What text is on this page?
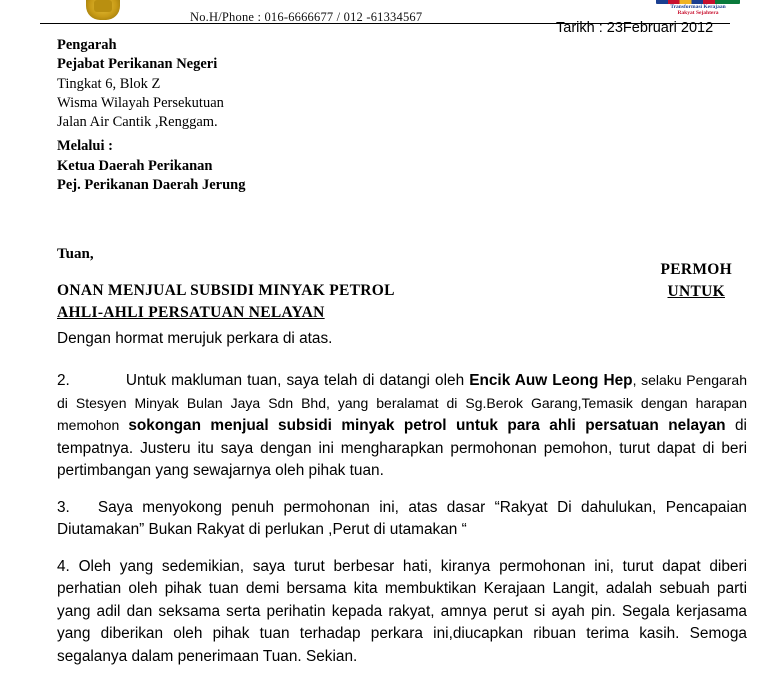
No.H/Phone : 016-6666677 / 012 -61334567
Transformasi Kerajaan
Rakyat Sejahtera
Tarikh : 23Februari 2012
Pengarah
Pejabat Perikanan Negeri
Tingkat 6, Blok Z
Wisma Wilayah Persekutuan
Jalan Air Cantik ,Renggam.
Melalui :
Ketua Daerah Perikanan
Pej. Perikanan Daerah Jerung
Tuan,
ONAN MENJUAL SUBSIDI MINYAK PETROL
AHLI-AHLI PERSATUAN NELAYAN
PERMOH
UNTUK

Dengan hormat merujuk perkara di atas.

2.	Untuk makluman tuan, saya telah di datangi oleh Encik Auw Leong Hep, selaku Pengarah di Stesyen Minyak Bulan Jaya Sdn Bhd, yang beralamat di Sg.Berok Garang,Temasik dengan harapan memohon sokongan menjual subsidi minyak petrol untuk para ahli persatuan nelayan di tempatnya. Justeru itu saya dengan ini mengharapkan permohonan pemohon, turut dapat di beri pertimbangan yang sewajarnya oleh pihak tuan.

3. Saya menyokong penuh permohonan ini, atas dasar “Rakyat Di dahulukan, Pencapaian Diutamakan” Bukan Rakyat di perlukan ,Perut di utamakan “

4. Oleh yang sedemikian, saya turut berbesar hati, kiranya permohonan ini, turut dapat diberi perhatian oleh pihak tuan demi bersama kita membuktikan Kerajaan Langit, adalah sebuah parti yang adil dan seksama serta perihatin kepada rakyat, amnya perut si ayah pin. Segala kerjasama yang diberikan oleh pihak tuan terhadap perkara ini,diucapkan ribuan terima kasih. Semoga segalanya dalam penerimaan Tuan. Sekian.
